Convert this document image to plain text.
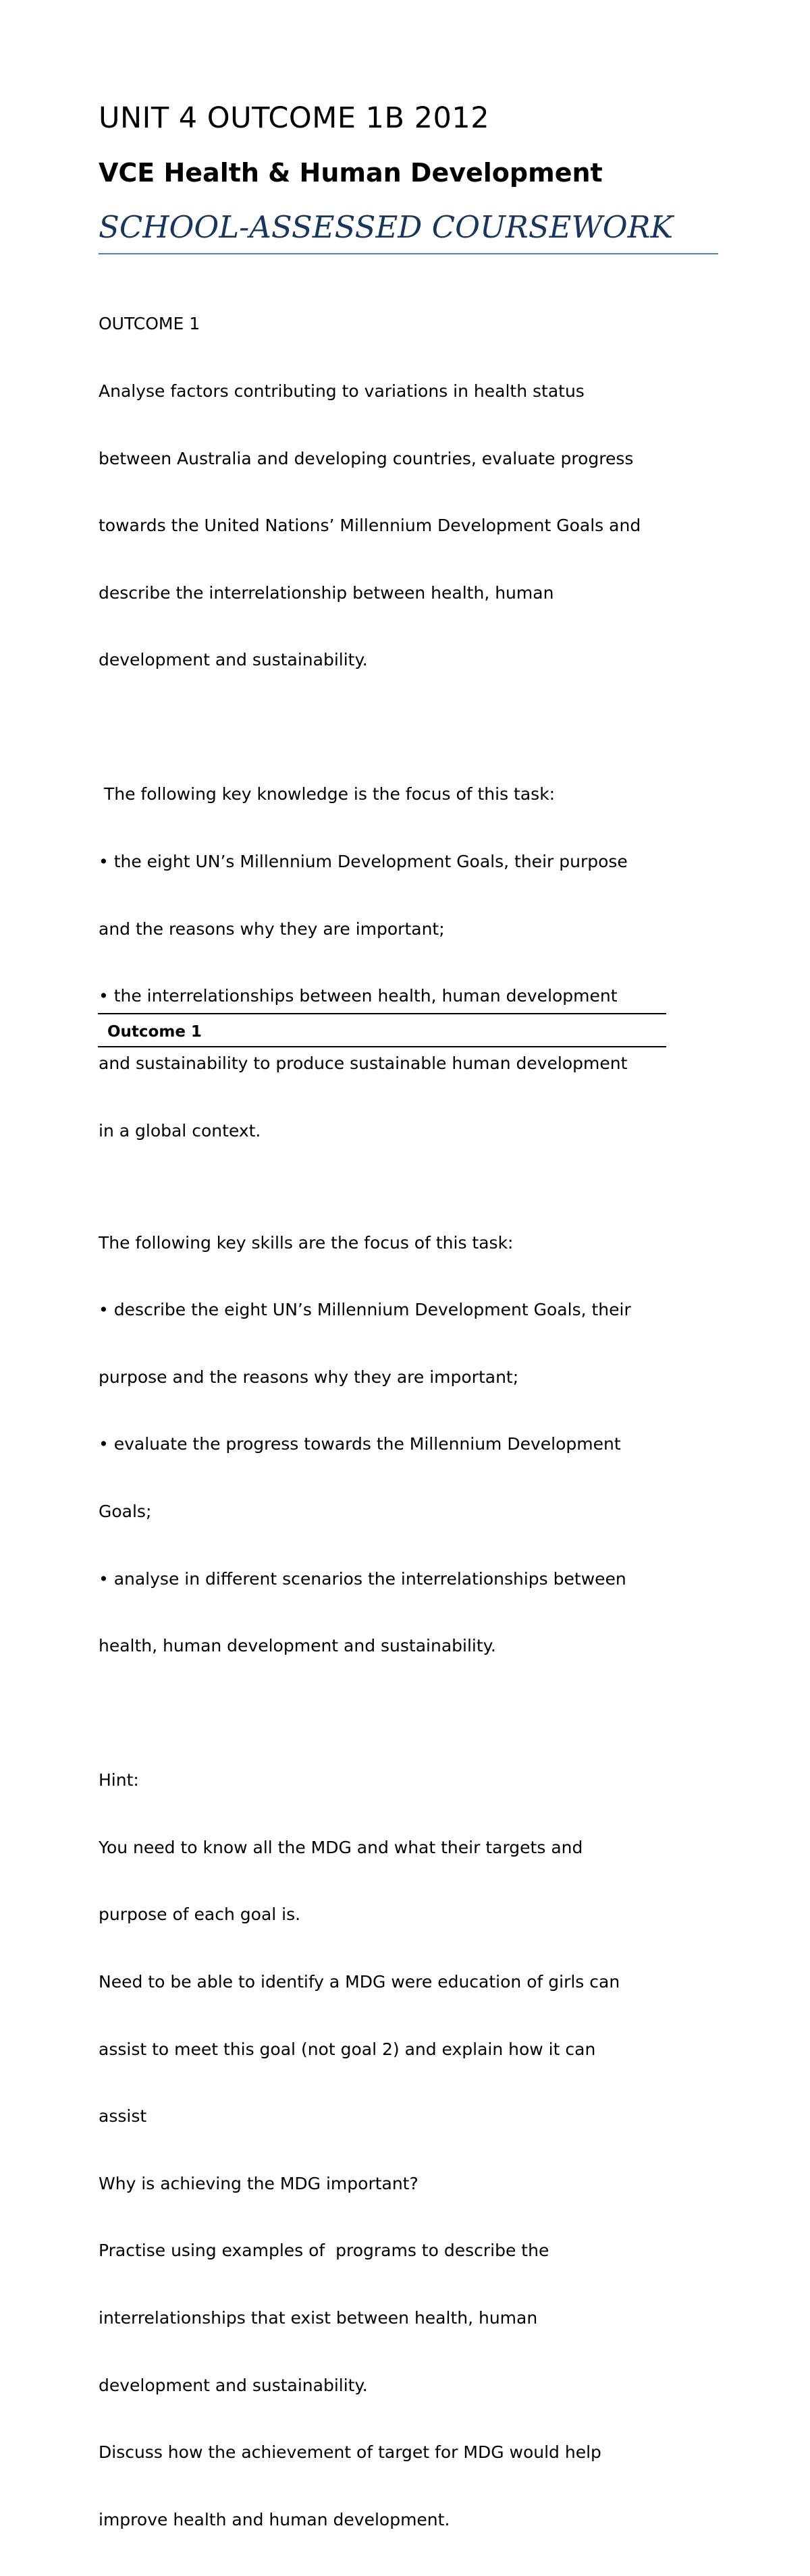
UNIT 4 OUTCOME 1B 2012
VCE Health & Human Development
SCHOOL-ASSESSED COURSEWORK

OUTCOME 1

Analyse factors contributing to variations in health status

between Australia and developing countries, evaluate progress

towards the United Nations’ Millennium Development Goals and

describe the interrelationship between health, human

development and sustainability.

The following key knowledge is the focus of this task:

• the eight UN’s Millennium Development Goals, their purpose

and the reasons why they are important;

• the interrelationships between health, human development

and sustainability to produce sustainable human development

in a global context.

The following key skills are the focus of this task:

• describe the eight UN’s Millennium Development Goals, their

purpose and the reasons why they are important;

• evaluate the progress towards the Millennium Development

Goals;

• analyse in different scenarios the interrelationships between

health, human development and sustainability.

Hint:

You need to know all the MDG and what their targets and

purpose of each goal is.

Need to be able to identify a MDG were education of girls can

assist to meet this goal (not goal 2) and explain how it can

assist

Why is achieving the MDG important?

Practise using examples of  programs to describe the

interrelationships that exist between health, human

development and sustainability.

Discuss how the achievement of target for MDG would help

improve health and human development.

Outcome 1
